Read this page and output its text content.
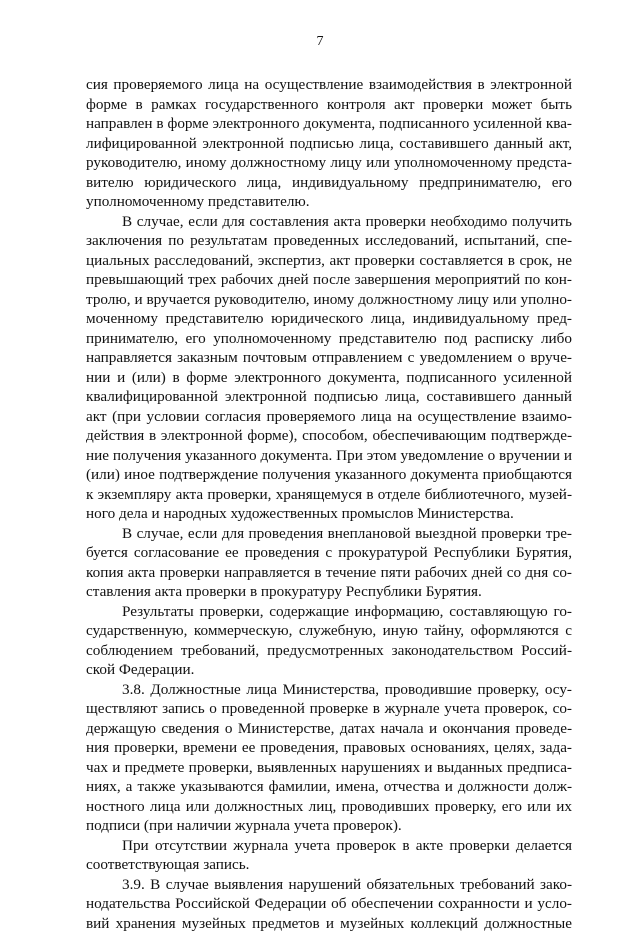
7
сия проверяемого лица на осуществление взаимодействия в электронной
форме в рамках государственного контроля акт проверки может быть
направлен в форме электронного документа, подписанного усиленной ква-
лифицированной электронной подписью лица, составившего данный акт,
руководителю, иному должностному лицу или уполномоченному предста-
вителю юридического лица, индивидуальному предпринимателю, его
уполномоченному представителю.
В случае, если для составления акта проверки необходимо получить
заключения по результатам проведенных исследований, испытаний, спе-
циальных расследований, экспертиз, акт проверки составляется в срок, не
превышающий трех рабочих дней после завершения мероприятий по кон-
тролю, и вручается руководителю, иному должностному лицу или уполно-
моченному представителю юридического лица, индивидуальному пред-
принимателю, его уполномоченному представителю под расписку либо
направляется заказным почтовым отправлением с уведомлением о вруче-
нии и (или) в форме электронного документа, подписанного усиленной
квалифицированной электронной подписью лица, составившего данный
акт (при условии согласия проверяемого лица на осуществление взаимо-
действия в электронной форме), способом, обеспечивающим подтвержде-
ние получения указанного документа. При этом уведомление о вручении и
(или) иное подтверждение получения указанного документа приобщаются
к экземпляру акта проверки, хранящемуся в отделе библиотечного, музей-
ного дела и народных художественных промыслов Министерства.
В случае, если для проведения внеплановой выездной проверки тре-
буется согласование ее проведения с прокуратурой Республики Бурятия,
копия акта проверки направляется в течение пяти рабочих дней со дня со-
ставления акта проверки в прокуратуру Республики Бурятия.
Результаты проверки, содержащие информацию, составляющую го-
сударственную, коммерческую, служебную, иную тайну, оформляются с
соблюдением требований, предусмотренных законодательством Россий-
ской Федерации.
3.8. Должностные лица Министерства, проводившие проверку, осу-
ществляют запись о проведенной проверке в журнале учета проверок, со-
держащую сведения о Министерстве, датах начала и окончания проведе-
ния проверки, времени ее проведения, правовых основаниях, целях, зада-
чах и предмете проверки, выявленных нарушениях и выданных предписа-
ниях, а также указываются фамилии, имена, отчества и должности долж-
ностного лица или должностных лиц, проводивших проверку, его или их
подписи (при наличии журнала учета проверок).
При отсутствии журнала учета проверок в акте проверки делается
соответствующая запись.
3.9. В случае выявления нарушений обязательных требований зако-
нодательства Российской Федерации об обеспечении сохранности и усло-
вий хранения музейных предметов и музейных коллекций должностные
